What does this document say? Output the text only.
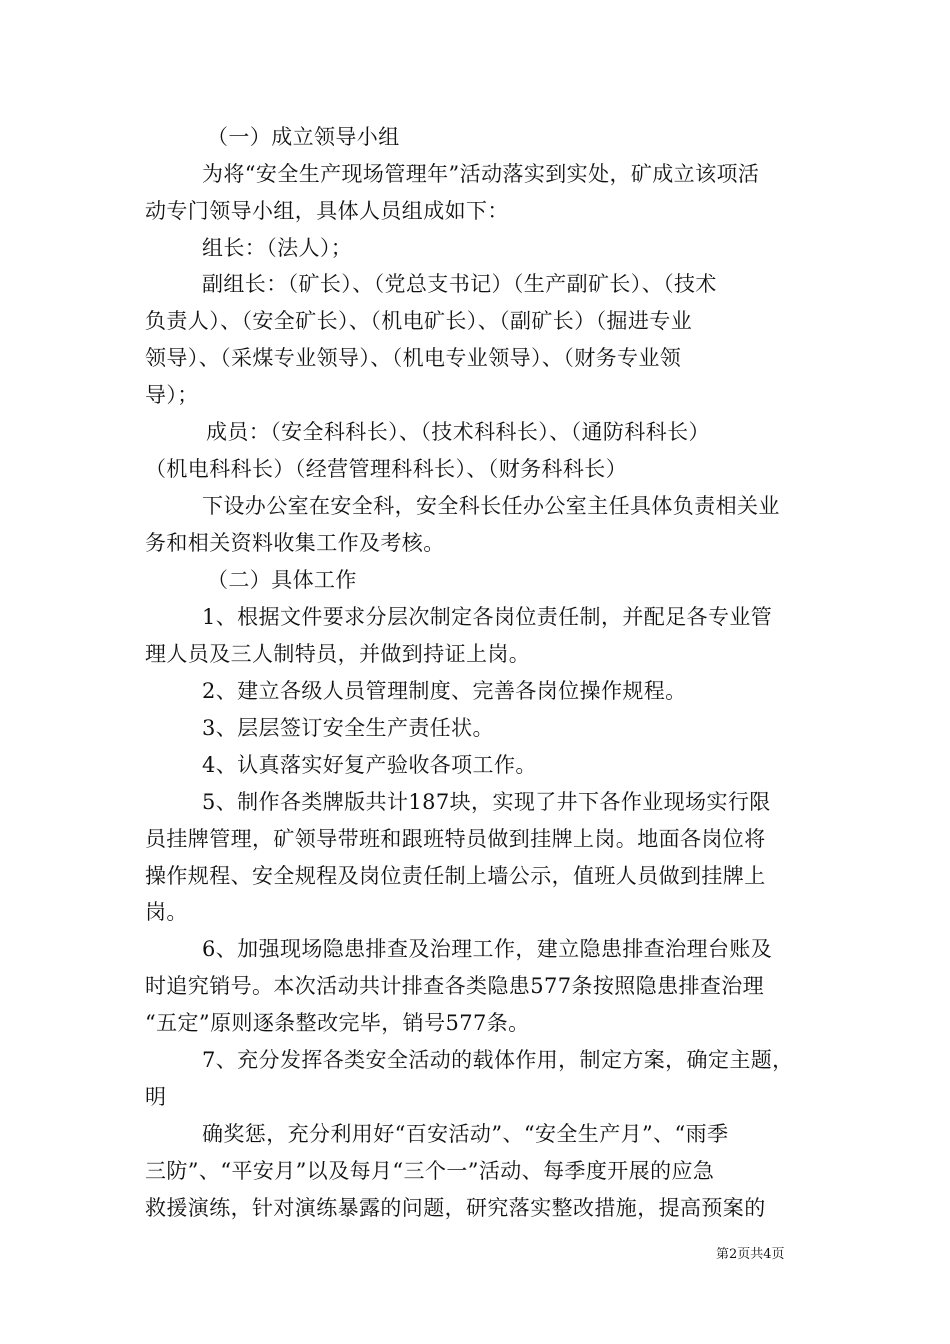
（一）成立领导小组
为将“安全生产现场管理年”活动落实到实处，矿成立该项活
动专门领导小组，具体人员组成如下：
组长：（法人）；
副组长：（矿长）、（党总支书记）（生产副矿长）、（技术
负责人）、（安全矿长）、（机电矿长）、（副矿长）（掘进专业
领导）、（采煤专业领导）、（机电专业领导）、（财务专业领
导）；
成员：（安全科科长）、（技术科科长）、（通防科科长）
（机电科科长）（经营管理科科长）、（财务科科长）
下设办公室在安全科，安全科长任办公室主任具体负责相关业
务和相关资料收集工作及考核。
（二）具体工作
1、根据文件要求分层次制定各岗位责任制，并配足各专业管
理人员及三人制特员，并做到持证上岗。
2、建立各级人员管理制度、完善各岗位操作规程。
3、层层签订安全生产责任状。
4、认真落实好复产验收各项工作。
5、制作各类牌版共计187块，实现了井下各作业现场实行限
员挂牌管理，矿领导带班和跟班特员做到挂牌上岗。地面各岗位将
操作规程、安全规程及岗位责任制上墙公示，值班人员做到挂牌上
岗。
6、加强现场隐患排查及治理工作，建立隐患排查治理台账及
时追究销号。本次活动共计排查各类隐患577条按照隐患排查治理
“五定”原则逐条整改完毕，销号577条。
7、充分发挥各类安全活动的载体作用，制定方案，确定主题，
明
确奖惩，充分利用好“百安活动”、“安全生产月”、“雨季
三防”、“平安月”以及每月“三个一”活动、每季度开展的应急
救援演练，针对演练暴露的问题，研究落实整改措施，提高预案的
第2页共4页
